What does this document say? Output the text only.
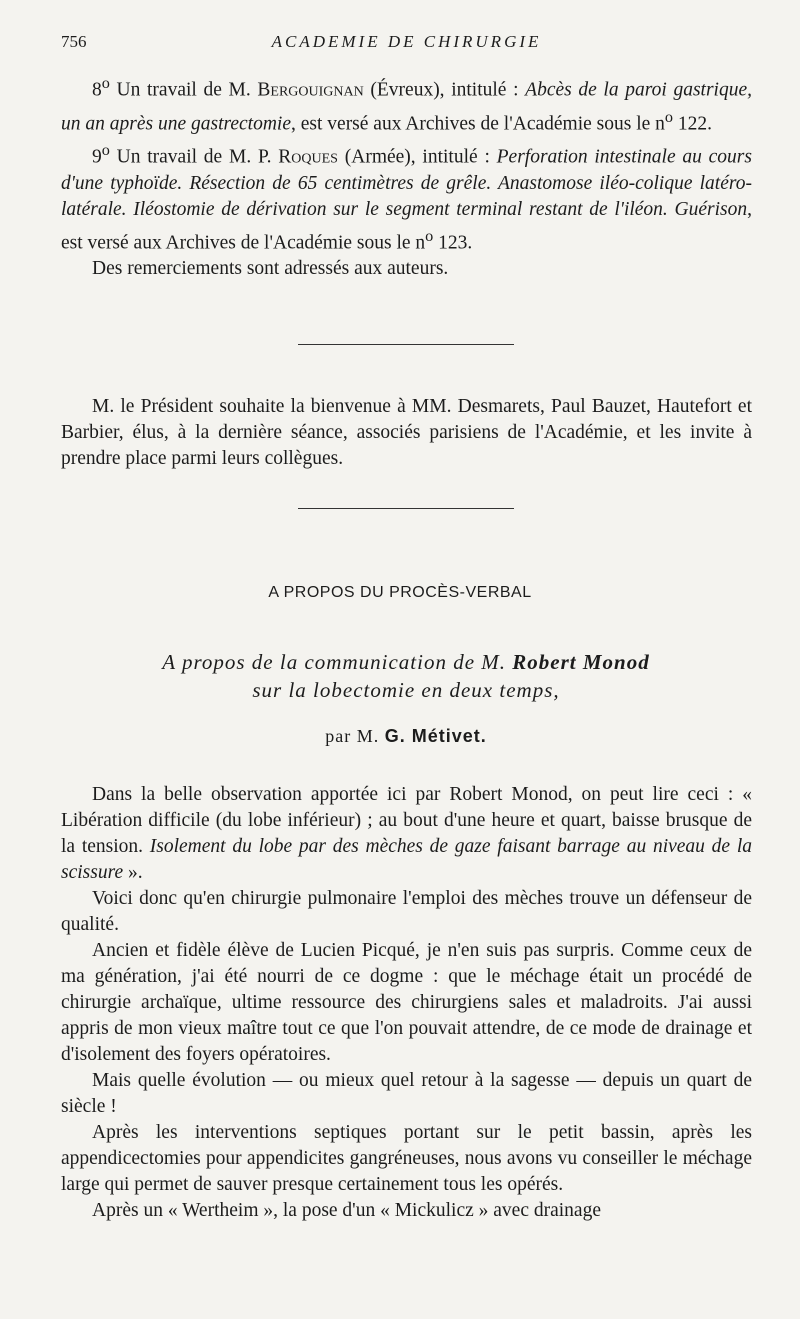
756	ACADEMIE DE CHIRURGIE

8$^o$ Un travail de M. Bergouignan (Évreux), intitulé : Abcès de la paroi gastrique, un an après une gastrectomie, est versé aux Archives de l'Académie sous le $n^o$ 122.

9$^o$ Un travail de M. P. Roques (Armée), intitulé : Perforation intestinale au cours d'une typhoïde. Résection de 65 centimètres de grêle. Anastomose iléo-colique latéro-latérale. Iléostomie de dérivation sur le segment terminal restant de l'iléon. Guérison, est versé aux Archives de l'Académie sous le $n^o$ 123.

Des remerciements sont adressés aux auteurs.

M. le Président souhaite la bienvenue à MM. Desmarets, Paul Bauzet, Hautefort et Barbier, élus, à la dernière séance, associés parisiens de l'Académie, et les invite à prendre place parmi leurs collègues.

A PROPOS DU PROCÈS-VERBAL
A propos de la communication de M. Robert Monod
sur la lobectomie en deux temps,
par M. G. Métivet.

Dans la belle observation apportée ici par Robert Monod, on peut lire ceci : « Libération difficile (du lobe inférieur) ; au bout d'une heure et quart, baisse brusque de la tension. Isolement du lobe par des mèches de gaze faisant barrage au niveau de la scissure ».

Voici donc qu'en chirurgie pulmonaire l'emploi des mèches trouve un défenseur de qualité.

Ancien et fidèle élève de Lucien Picqué, je n'en suis pas surpris. Comme ceux de ma génération, j'ai été nourri de ce dogme : que le méchage était un procédé de chirurgie archaïque, ultime ressource des chirurgiens sales et maladroits. J'ai aussi appris de mon vieux maître tout ce que l'on pouvait attendre, de ce mode de drainage et d'isolement des foyers opératoires.

Mais quelle évolution — ou mieux quel retour à la sagesse — depuis un quart de siècle !

Après les interventions septiques portant sur le petit bassin, après les appendicectomies pour appendicites gangréneuses, nous avons vu conseiller le méchage large qui permet de sauver presque certainement tous les opérés.

Après un « Wertheim », la pose d'un « Mickulicz » avec drainage
